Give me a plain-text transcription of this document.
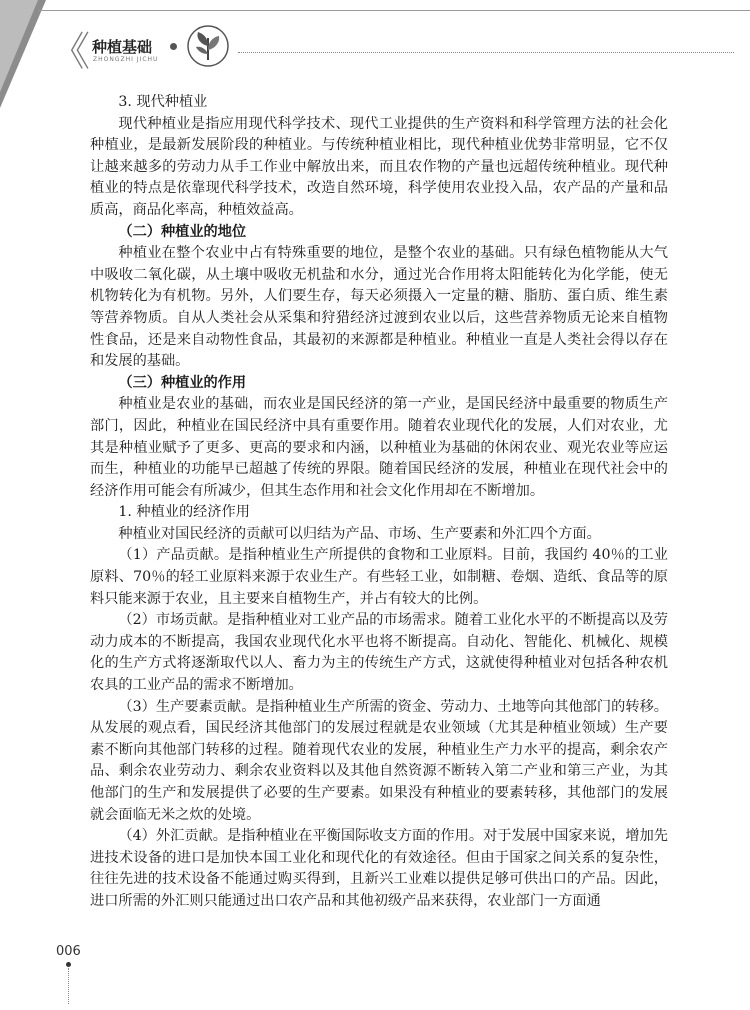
《 种植基础
ZHONGZHI JICHU

3. 现代种植业

现代种植业是指应用现代科学技术、现代工业提供的生产资料和科学管理方法的社会化种植业，是最新发展阶段的种植业。与传统种植业相比，现代种植业优势非常明显，它不仅让越来越多的劳动力从手工作业中解放出来，而且农作物的产量也远超传统种植业。现代种植业的特点是依靠现代科学技术，改造自然环境，科学使用农业投入品，农产品的产量和品质高，商品化率高，种植效益高。

（二）种植业的地位

种植业在整个农业中占有特殊重要的地位，是整个农业的基础。只有绿色植物能从大气中吸收二氧化碳，从土壤中吸收无机盐和水分，通过光合作用将太阳能转化为化学能，使无机物转化为有机物。另外，人们要生存，每天必须摄入一定量的糖、脂肪、蛋白质、维生素等营养物质。自从人类社会从采集和狩猎经济过渡到农业以后，这些营养物质无论来自植物性食品，还是来自动物性食品，其最初的来源都是种植业。种植业一直是人类社会得以存在和发展的基础。

（三）种植业的作用

种植业是农业的基础，而农业是国民经济的第一产业，是国民经济中最重要的物质生产部门，因此，种植业在国民经济中具有重要作用。随着农业现代化的发展，人们对农业，尤其是种植业赋予了更多、更高的要求和内涵，以种植业为基础的休闲农业、观光农业等应运而生，种植业的功能早已超越了传统的界限。随着国民经济的发展，种植业在现代社会中的经济作用可能会有所减少，但其生态作用和社会文化作用却在不断增加。

1. 种植业的经济作用

种植业对国民经济的贡献可以归结为产品、市场、生产要素和外汇四个方面。

（1）产品贡献。是指种植业生产所提供的食物和工业原料。目前，我国约 40％的工业原料、70％的轻工业原料来源于农业生产。有些轻工业，如制糖、卷烟、造纸、食品等的原料只能来源于农业，且主要来自植物生产，并占有较大的比例。

（2）市场贡献。是指种植业对工业产品的市场需求。随着工业化水平的不断提高以及劳动力成本的不断提高，我国农业现代化水平也将不断提高。自动化、智能化、机械化、规模化的生产方式将逐渐取代以人、畜力为主的传统生产方式，这就使得种植业对包括各种农机农具的工业产品的需求不断增加。

（3）生产要素贡献。是指种植业生产所需的资金、劳动力、土地等向其他部门的转移。从发展的观点看，国民经济其他部门的发展过程就是农业领域（尤其是种植业领域）生产要素不断向其他部门转移的过程。随着现代农业的发展，种植业生产力水平的提高，剩余农产品、剩余农业劳动力、剩余农业资料以及其他自然资源不断转入第二产业和第三产业，为其他部门的生产和发展提供了必要的生产要素。如果没有种植业的要素转移，其他部门的发展就会面临无米之炊的处境。

（4）外汇贡献。是指种植业在平衡国际收支方面的作用。对于发展中国家来说，增加先进技术设备的进口是加快本国工业化和现代化的有效途径。但由于国家之间关系的复杂性，往往先进的技术设备不能通过购买得到，且新兴工业难以提供足够可供出口的产品。因此，进口所需的外汇则只能通过出口农产品和其他初级产品来获得，农业部门一方面通

006
